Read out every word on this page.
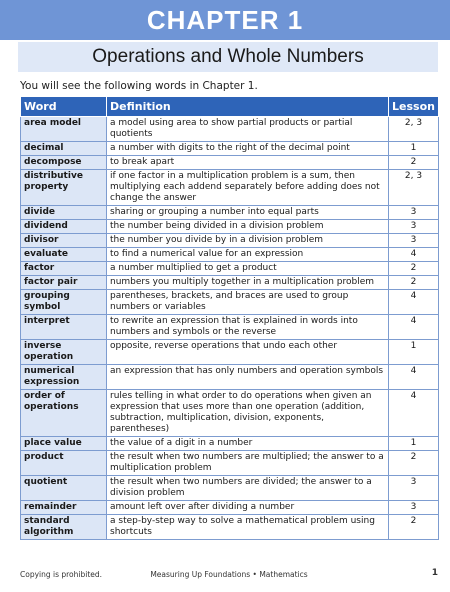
CHAPTER 1
Operations and Whole Numbers
You will see the following words in Chapter 1.
Word	Definition	Lesson
area model	a model using area to show partial products or partial quotients	2, 3
decimal	a number with digits to the right of the decimal point	1
decompose	to break apart	2
distributive property	if one factor in a multiplication problem is a sum, then multiplying each addend separately before adding does not change the answer	2, 3
divide	sharing or grouping a number into equal parts	3
dividend	the number being divided in a division problem	3
divisor	the number you divide by in a division problem	3
evaluate	to find a numerical value for an expression	4
factor	a number multiplied to get a product	2
factor pair	numbers you multiply together in a multiplication problem	2
grouping symbol	parentheses, brackets, and braces are used to group numbers or variables	4
interpret	to rewrite an expression that is explained in words into numbers and symbols or the reverse	4
inverse operation	opposite, reverse operations that undo each other	1
numerical expression	an expression that has only numbers and operation symbols	4
order of operations	rules telling in what order to do operations when given an expression that uses more than one operation (addition, subtraction, multiplication, division, exponents, parentheses)	4
place value	the value of a digit in a number	1
product	the result when two numbers are multiplied; the answer to a multiplication problem	2
quotient	the result when two numbers are divided; the answer to a division problem	3
remainder	amount left over after dividing a number	3
standard algorithm	a step-by-step way to solve a mathematical problem using shortcuts	2
Copying is prohibited.	Measuring Up Foundations • Mathematics	1
